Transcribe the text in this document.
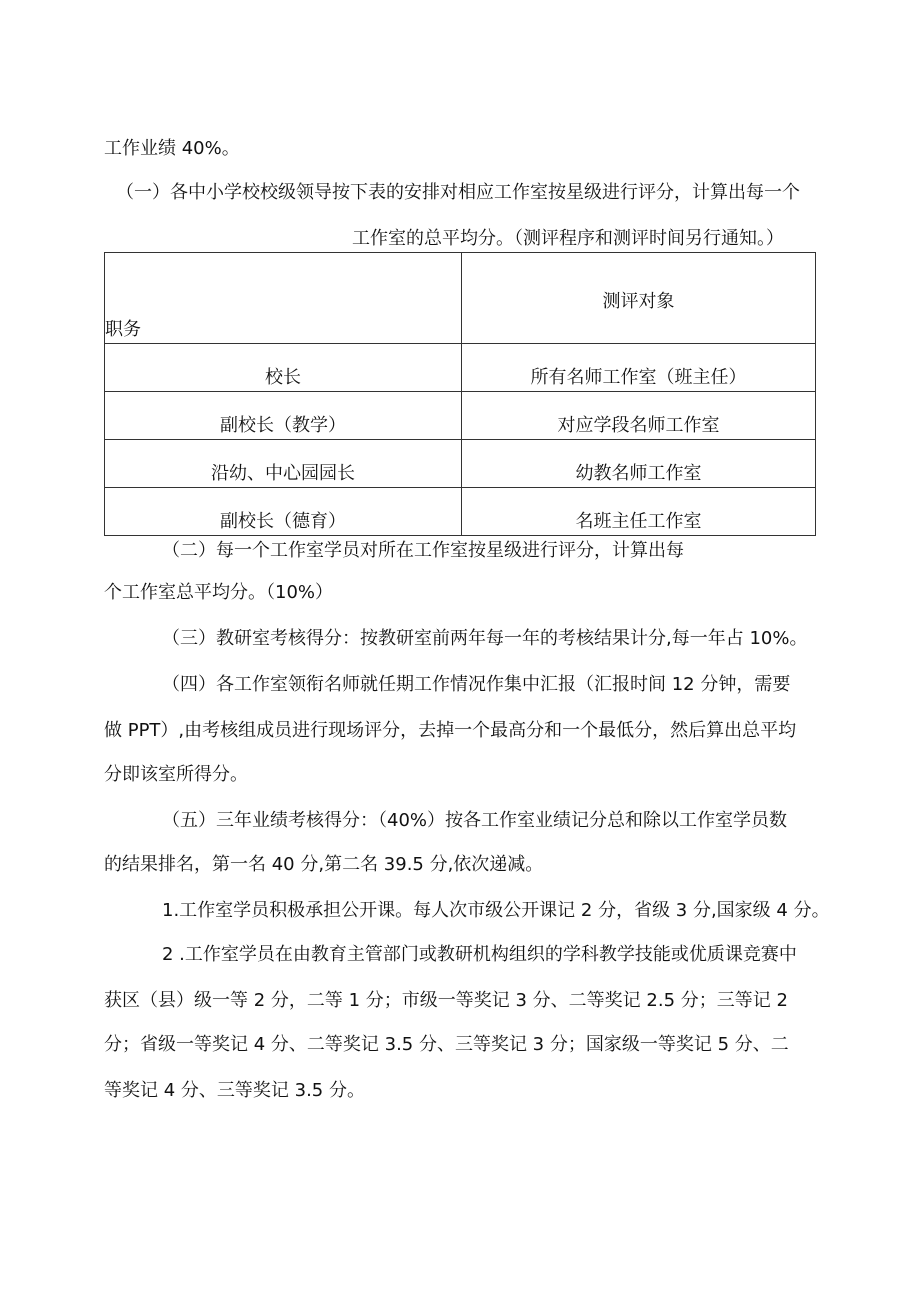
工作业绩 40%。
（一）各中小学校校级领导按下表的安排对相应工作室按星级进行评分，计算出每一个
工作室的总平均分。（测评程序和测评时间另行通知。）
职务	测评对象

校长	所有名师工作室（班主任）
副校长（教学）	对应学段名师工作室
沿幼、中心园园长	幼教名师工作室
副校长（德育）	名班主任工作室
（二）每一个工作室学员对所在工作室按星级进行评分，计算出每
个工作室总平均分。（10%）
（三）教研室考核得分：按教研室前两年每一年的考核结果计分,每一年占 10%。
（四）各工作室领衔名师就任期工作情况作集中汇报（汇报时间 12 分钟，需要
做 PPT）,由考核组成员进行现场评分，去掉一个最高分和一个最低分，然后算出总平均
分即该室所得分。
（五）三年业绩考核得分：（40%）按各工作室业绩记分总和除以工作室学员数
的结果排名，第一名 40 分,第二名 39.5 分,依次递减。
1.工作室学员积极承担公开课。每人次市级公开课记 2 分，省级 3 分,国家级 4 分。
2 .工作室学员在由教育主管部门或教研机构组织的学科教学技能或优质课竞赛中
获区（县）级一等 2 分，二等 1 分；市级一等奖记 3 分、二等奖记 2.5 分；三等记 2
分；省级一等奖记 4 分、二等奖记 3.5 分、三等奖记 3 分；国家级一等奖记 5 分、二
等奖记 4 分、三等奖记 3.5 分。
